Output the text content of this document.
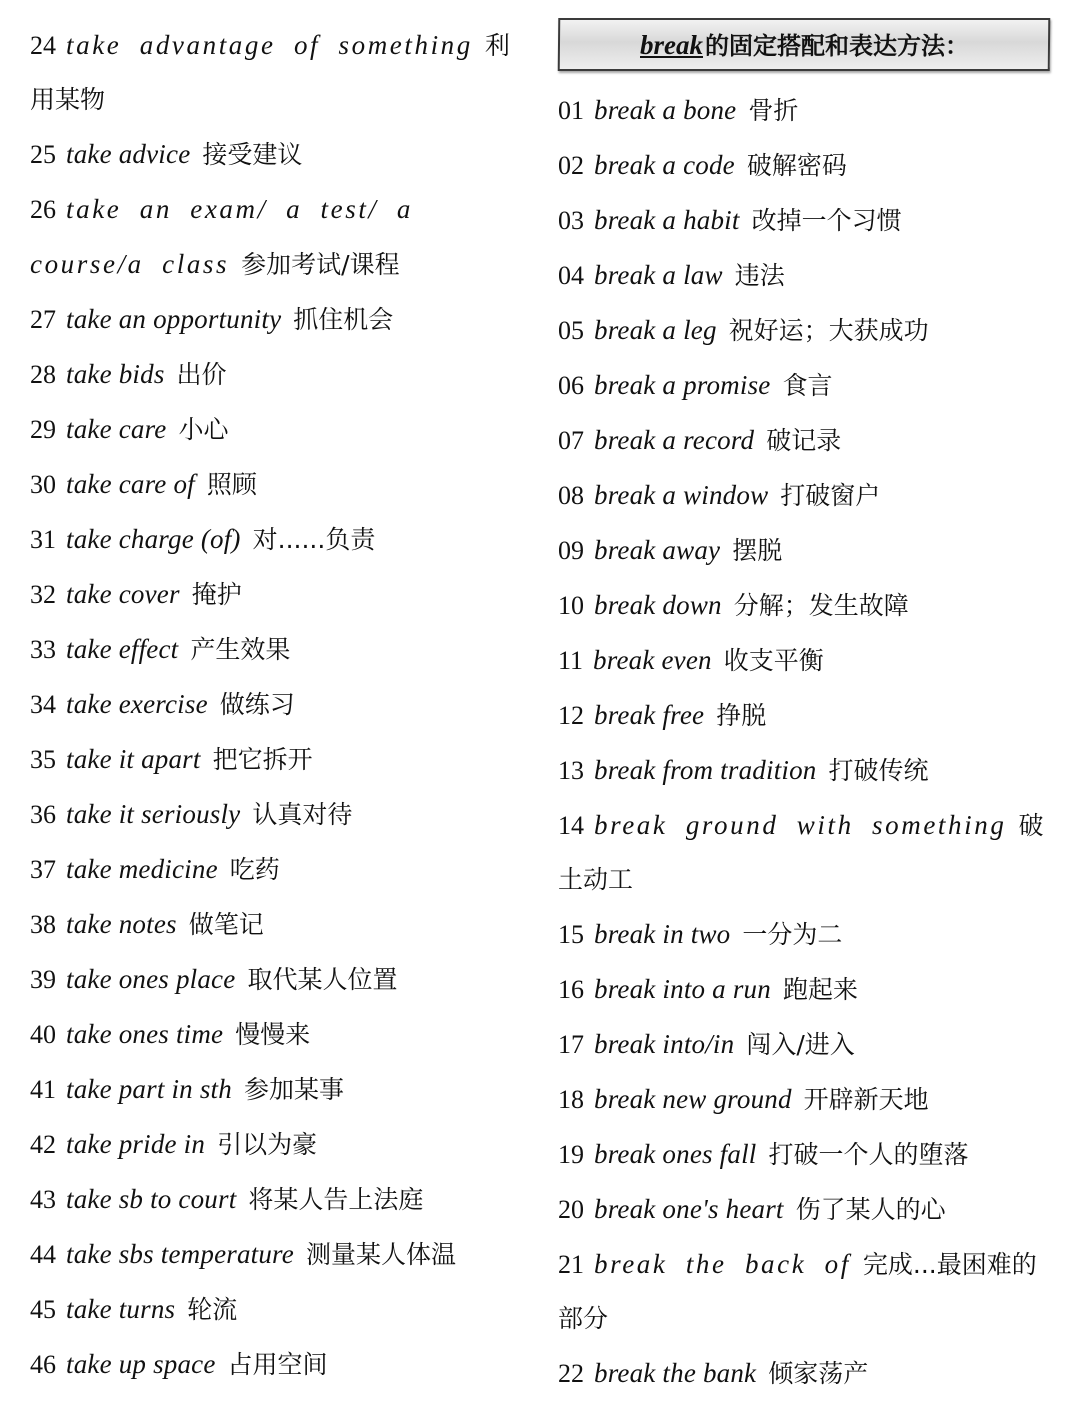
24 take advantage of something 利用某物
25 take advice 接受建议
26 take an exam/ a test/ a course/a class 参加考试/课程
27 take an opportunity 抓住机会
28 take bids 出价
29 take care 小心
30 take care of 照顾
31 take charge (of) 对......负责
32 take cover 掩护
33 take effect 产生效果
34 take exercise 做练习
35 take it apart 把它拆开
36 take it seriously 认真对待
37 take medicine 吃药
38 take notes 做笔记
39 take ones place 取代某人位置
40 take ones time 慢慢来
41 take part in sth 参加某事
42 take pride in 引以为豪
43 take sb to court 将某人告上法庭
44 take sbs temperature 测量某人体温
45 take turns 轮流
46 take up space 占用空间
break的固定搭配和表达方法：
01 break a bone 骨折
02 break a code 破解密码
03 break a habit 改掉一个习惯
04 break a law 违法
05 break a leg 祝好运；大获成功
06 break a promise 食言
07 break a record 破记录
08 break a window 打破窗户
09 break away 摆脱
10 break down 分解；发生故障
11 break even 收支平衡
12 break free 挣脱
13 break from tradition 打破传统
14 break ground with something 破土动工
15 break in two 一分为二
16 break into a run 跑起来
17 break into/in 闯入/进入
18 break new ground 开辟新天地
19 break ones fall 打破一个人的堕落
20 break one's heart 伤了某人的心
21 break the back of 完成...最困难的部分
22 break the bank 倾家荡产
